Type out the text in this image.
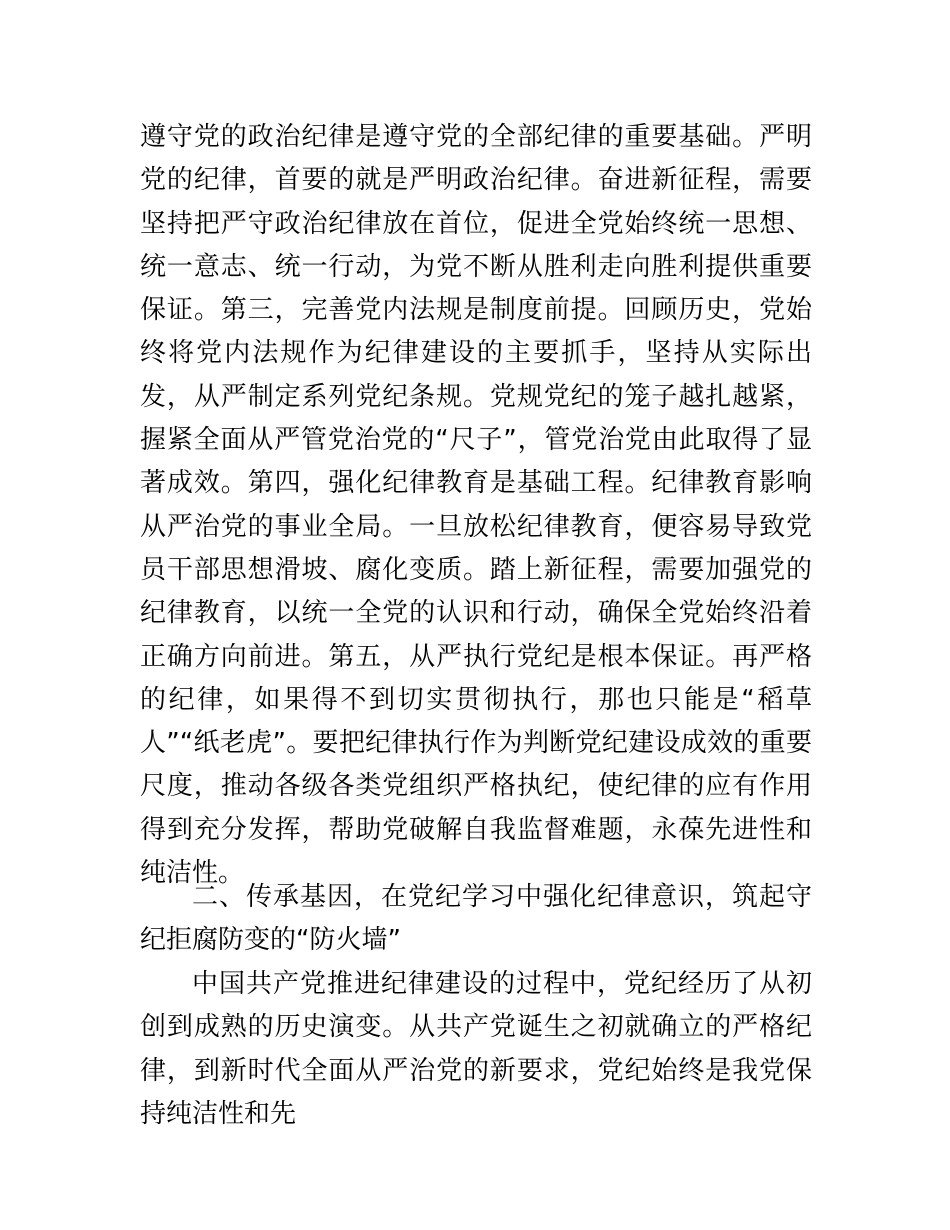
遵守党的政治纪律是遵守党的全部纪律的重要基础。严明党的纪律，首要的就是严明政治纪律。奋进新征程，需要坚持把严守政治纪律放在首位，促进全党始终统一思想、统一意志、统一行动，为党不断从胜利走向胜利提供重要保证。第三，完善党内法规是制度前提。回顾历史，党始终将党内法规作为纪律建设的主要抓手，坚持从实际出发，从严制定系列党纪条规。党规党纪的笼子越扎越紧，握紧全面从严管党治党的“尺子”，管党治党由此取得了显著成效。第四，强化纪律教育是基础工程。纪律教育影响从严治党的事业全局。一旦放松纪律教育，便容易导致党员干部思想滑坡、腐化变质。踏上新征程，需要加强党的纪律教育，以统一全党的认识和行动，确保全党始终沿着正确方向前进。第五，从严执行党纪是根本保证。再严格的纪律，如果得不到切实贯彻执行，那也只能是“稻草人”“纸老虎”。要把纪律执行作为判断党纪建设成效的重要尺度，推动各级各类党组织严格执纪，使纪律的应有作用得到充分发挥，帮助党破解自我监督难题，永葆先进性和纯洁性。

二、传承基因，在党纪学习中强化纪律意识，筑起守纪拒腐防变的“防火墙”

中国共产党推进纪律建设的过程中，党纪经历了从初创到成熟的历史演变。从共产党诞生之初就确立的严格纪律，到新时代全面从严治党的新要求，党纪始终是我党保持纯洁性和先
